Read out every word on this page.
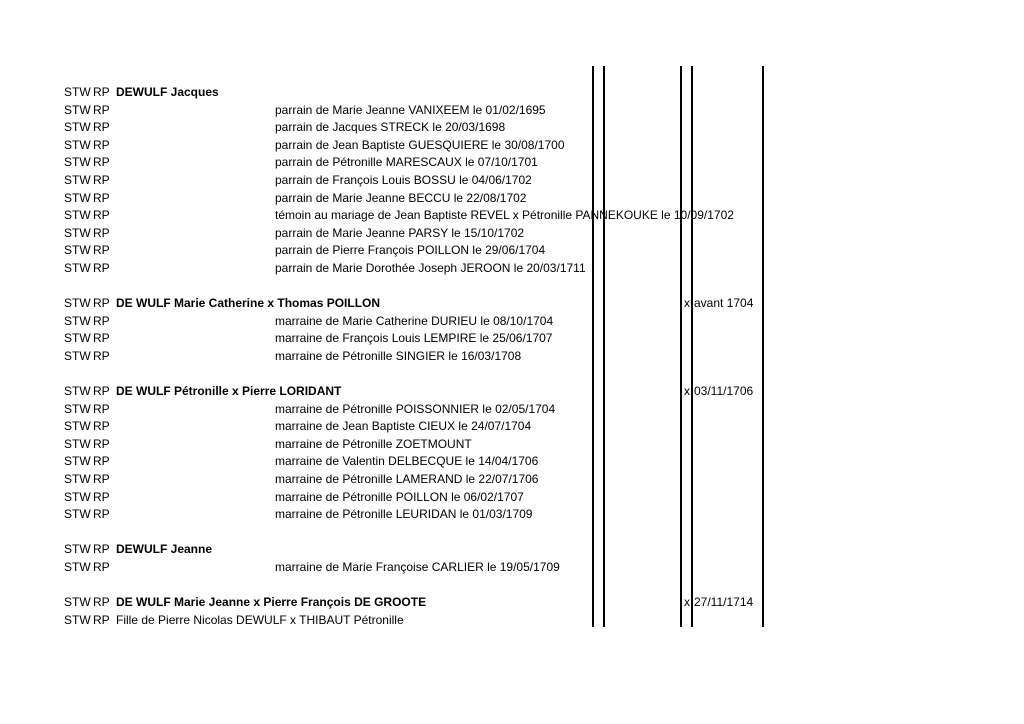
STW RP DEWULF Jacques
STW RP	parrain de Marie Jeanne VANIXEEM le 01/02/1695
STW RP	parrain de Jacques STRECK le 20/03/1698
STW RP	parrain de Jean Baptiste GUESQUIERE le 30/08/1700
STW RP	parrain de Pétronille MARESCAUX le 07/10/1701
STW RP	parrain de François Louis BOSSU le 04/06/1702
STW RP	parrain de Marie Jeanne BECCU le 22/08/1702
STW RP	témoin au mariage de Jean Baptiste REVEL x Pétronille PANNEKOUKE le 10/09/1702
STW RP	parrain de Marie Jeanne PARSY le 15/10/1702
STW RP	parrain de Pierre François POILLON le 29/06/1704
STW RP	parrain de Marie Dorothée Joseph JEROON le 20/03/1711
STW RP DE WULF Marie Catherine x Thomas POILLON	x avant 1704
STW RP	marraine de Marie Catherine DURIEU le 08/10/1704
STW RP	marraine de François Louis LEMPIRE le 25/06/1707
STW RP	marraine de Pétronille SINGIER le 16/03/1708
STW RP DE WULF Pétronille x Pierre LORIDANT	x 03/11/1706
STW RP	marraine de Pétronille POISSONNIER le 02/05/1704
STW RP	marraine de Jean Baptiste CIEUX le 24/07/1704
STW RP	marraine de Pétronille ZOETMOUNT
STW RP	marraine de Valentin DELBECQUE le 14/04/1706
STW RP	marraine de Pétronille LAMERAND le 22/07/1706
STW RP	marraine de Pétronille POILLON le 06/02/1707
STW RP	marraine de Pétronille LEURIDAN le 01/03/1709
STW RP DEWULF Jeanne
STW RP	marraine de Marie Françoise CARLIER le 19/05/1709
STW RP DE WULF Marie Jeanne x Pierre François DE GROOTE	x 27/11/1714
STW RP Fille de Pierre Nicolas DEWULF x THIBAUT Pétronille
